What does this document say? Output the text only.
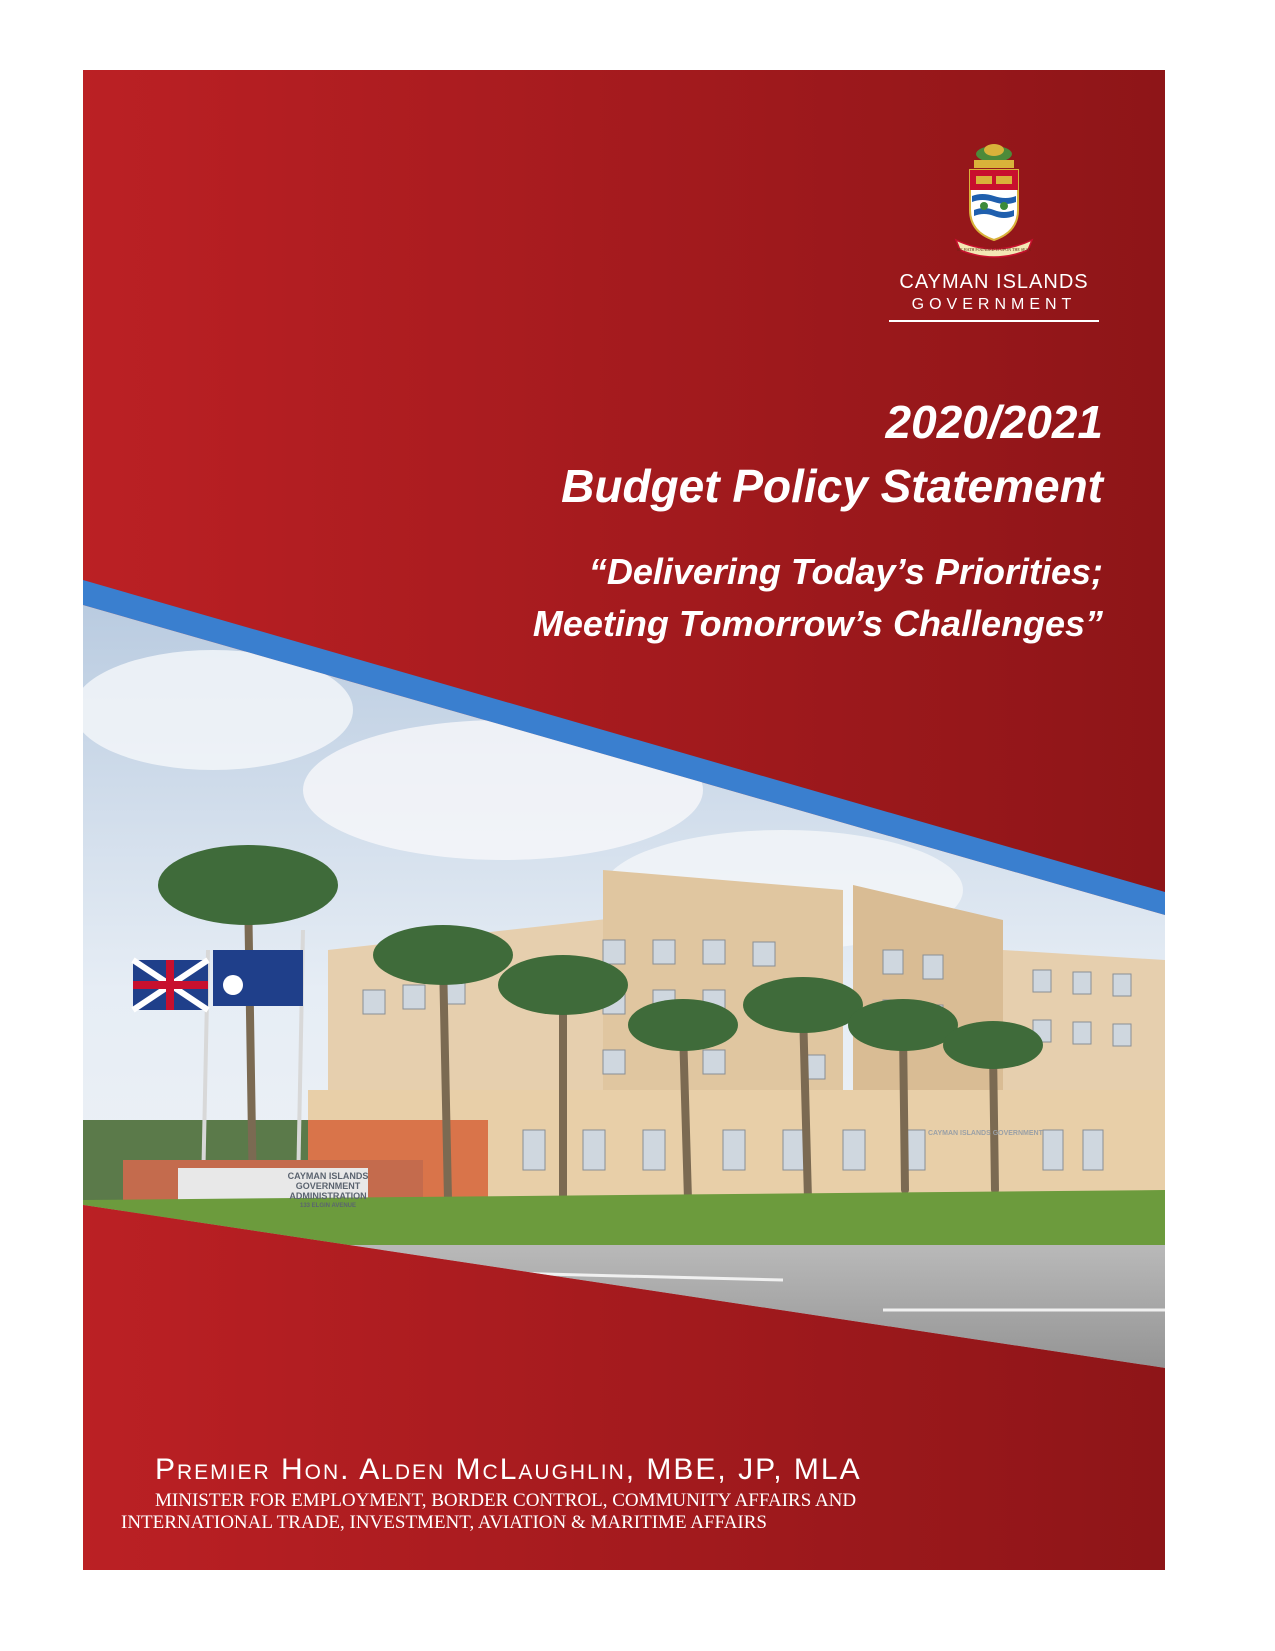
CAYMAN ISLANDS
GOVERNMENT
ADMINISTRATION
133 ELGIN AVENUE
CAYMAN ISLANDS GOVERNMENT
HE HATH FOUNDED IT UPON THE SEAS
CAYMAN ISLANDS
GOVERNMENT
2020/2021
Budget Policy Statement
“Delivering Today’s Priorities;
Meeting Tomorrow’s Challenges”
Premier Hon. Alden McLaughlin, MBE, JP, MLA
MINISTER FOR EMPLOYMENT, BORDER CONTROL, COMMUNITY AFFAIRS AND
INTERNATIONAL TRADE, INVESTMENT, AVIATION & MARITIME AFFAIRS
